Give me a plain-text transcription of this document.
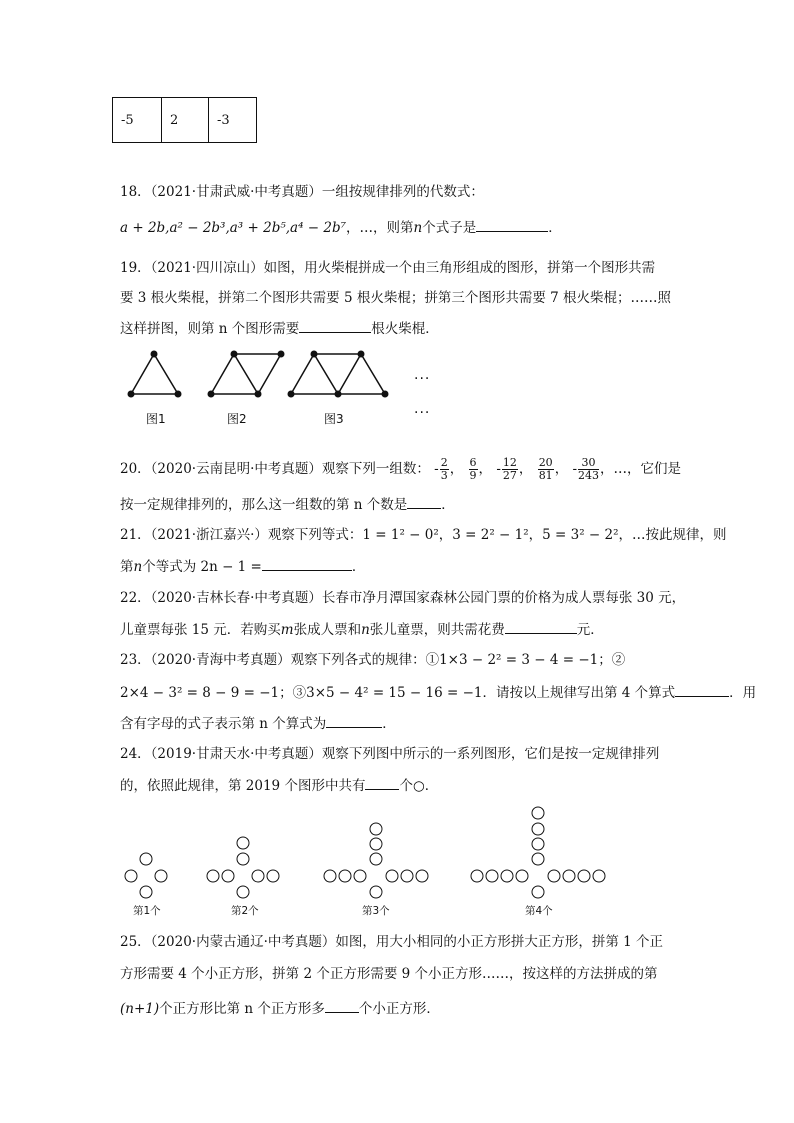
-5	2	-3
18．（2021·甘肃武威·中考真题）一组按规律排列的代数式：
a + 2b,a² − 2b³,a³ + 2b⁵,a⁴ − 2b⁷，…，则第n个式子是	．
19．（2021·四川凉山）如图，用火柴棍拼成一个由三角形组成的图形，拼第一个图形共需
要 3 根火柴棍，拼第二个图形共需要 5 根火柴棍；拼第三个图形共需要 7 根火柴棍；……照
这样拼图，则第 n 个图形需要	根火柴棍．
图1	图2	图3
···
···
20．（2020·云南昆明·中考真题）观察下列一组数： - $\frac{2}{3}$ ， $\frac{6}{9}$ ， - $\frac{12}{27}$ ， $\frac{20}{81}$ ， - $\frac{30}{243}$ ，…，它们是
按一定规律排列的，那么这一组数的第 n 个数是	．
21．（2021·浙江嘉兴·）观察下列等式：1 = 1² − 0²，3 = 2² − 1²，5 = 3² − 2²，…按此规律，则
第n个等式为 2n − 1 =	．
22．（2020·吉林长春·中考真题）长春市净月潭国家森林公园门票的价格为成人票每张 30 元，
儿童票每张 15 元．若购买m张成人票和n张儿童票，则共需花费	元．
23．（2020·青海中考真题）观察下列各式的规律：①1×3 − 2² = 3 − 4 = −1；②
2×4 − 3² = 8 − 9 = −1；③3×5 − 4² = 15 − 16 = −1．请按以上规律写出第 4 个算式	．用
含有字母的式子表示第 n 个算式为	．
24．（2019·甘肃天水·中考真题）观察下列图中所示的一系列图形，它们是按一定规律排列
的，依照此规律，第 2019 个图形中共有	个○．
第1个	第2个	第3个	第4个
25．（2020·内蒙古通辽·中考真题）如图，用大小相同的小正方形拼大正方形，拼第 1 个正
方形需要 4 个小正方形，拼第 2 个正方形需要 9 个小正方形……，按这样的方法拼成的第
(n+1)个正方形比第 n 个正方形多	个小正方形．
